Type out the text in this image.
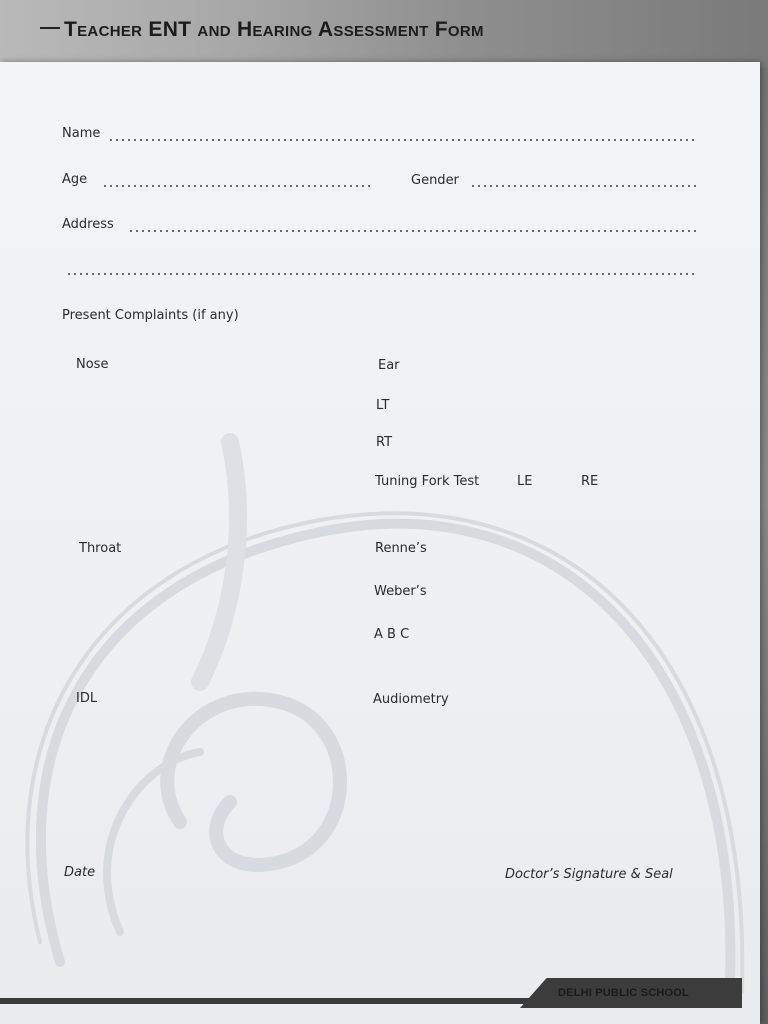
Teacher ENT and Hearing Assessment Form
Name
Age	Gender
Address
Present Complaints (if any)
Nose
Throat
IDL
Ear
LT
RT
Tuning Fork Test	LE	RE
Renne’s
Weber’s
A B C
Audiometry
Date	Doctor’s Signature & Seal
DELHI PUBLIC SCHOOL
